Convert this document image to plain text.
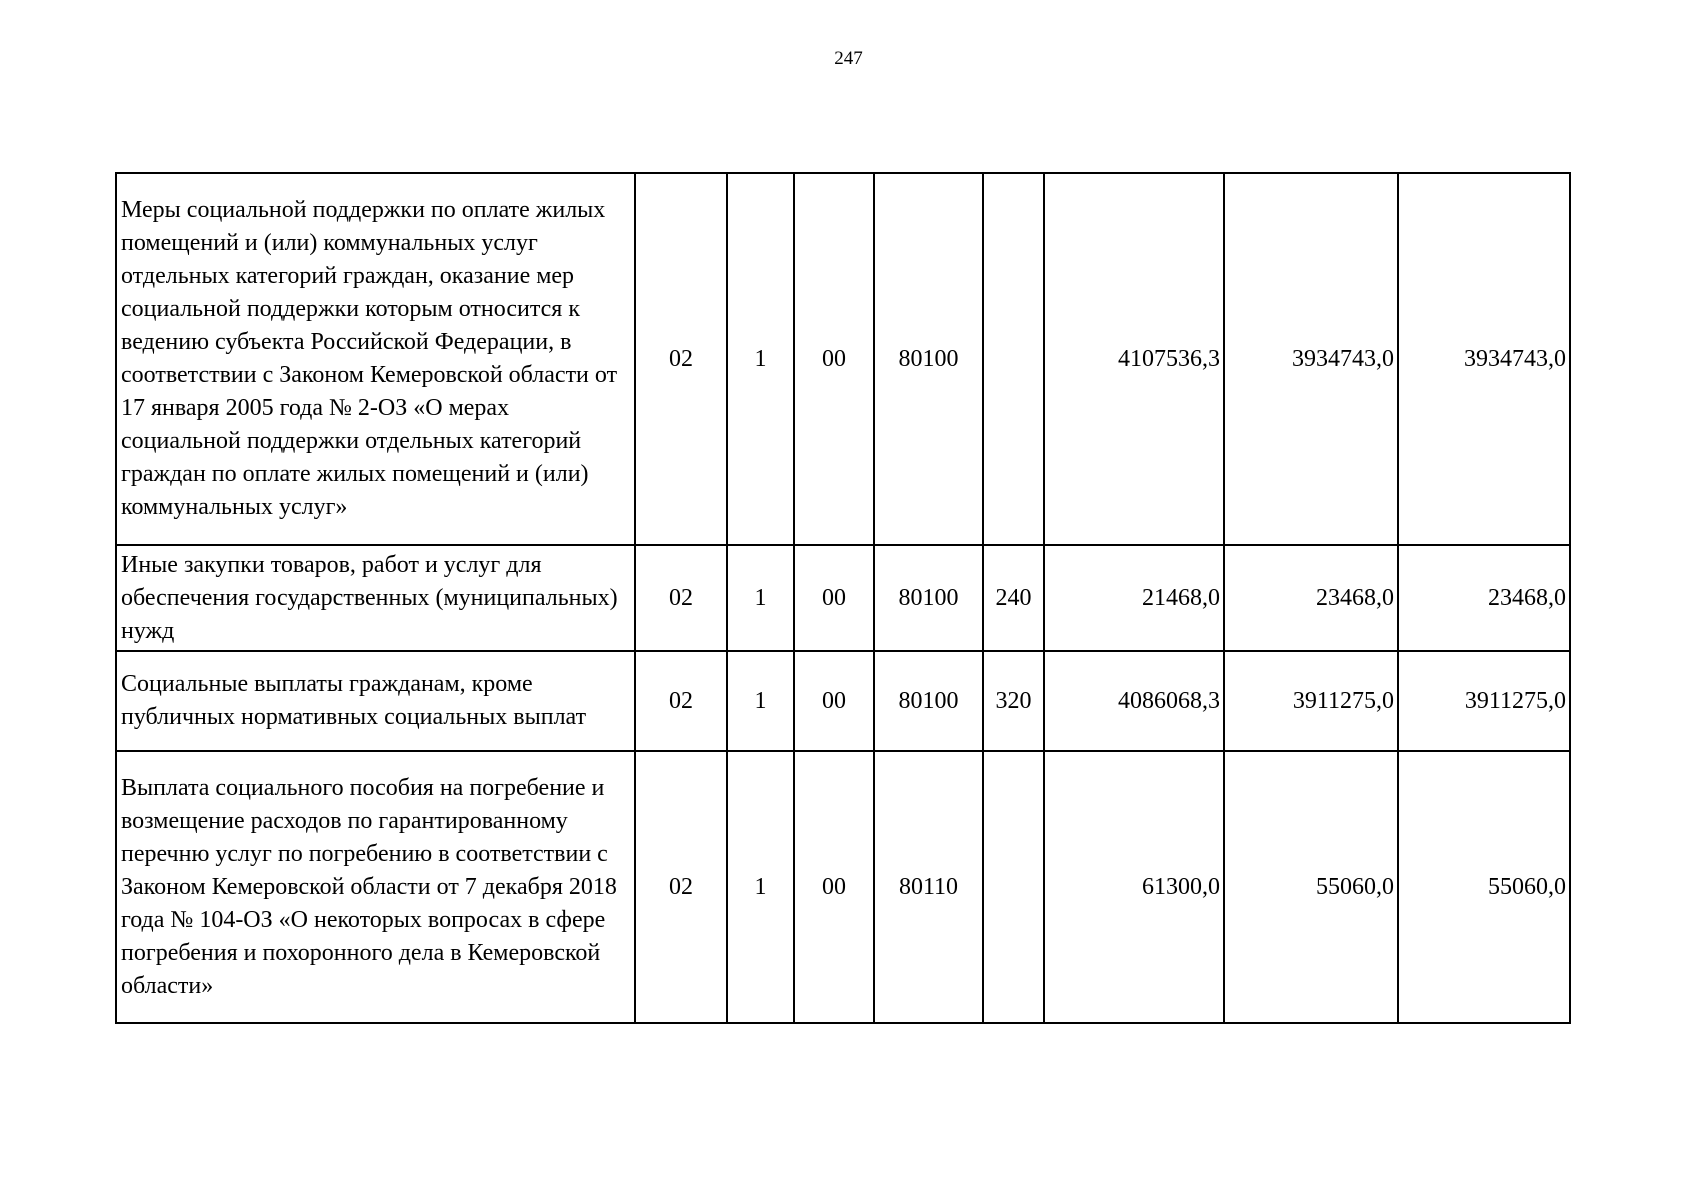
247
Меры социальной поддержки по оплате жилых помещений и (или) коммунальных услуг отдельных категорий граждан, оказание мер социальной поддержки которым относится к ведению субъекта Российской Федерации, в соответствии с Законом Кемеровской области от 17 января 2005 года № 2-ОЗ «О мерах социальной поддержки отдельных категорий граждан по оплате жилых помещений и (или) коммунальных услуг»	02	1	00	80100		4107536,3	3934743,0	3934743,0
Иные закупки товаров, работ и услуг для обеспечения государственных (муниципальных) нужд	02	1	00	80100	240	21468,0	23468,0	23468,0
Социальные выплаты гражданам, кроме публичных нормативных социальных выплат	02	1	00	80100	320	4086068,3	3911275,0	3911275,0
Выплата социального пособия на погребение и возмещение расходов по гарантированному перечню услуг по погребению в соответствии с Законом Кемеровской области от 7 декабря 2018 года № 104-ОЗ «О некоторых вопросах в сфере погребения и похоронного дела в Кемеровской области»	02	1	00	80110		61300,0	55060,0	55060,0
